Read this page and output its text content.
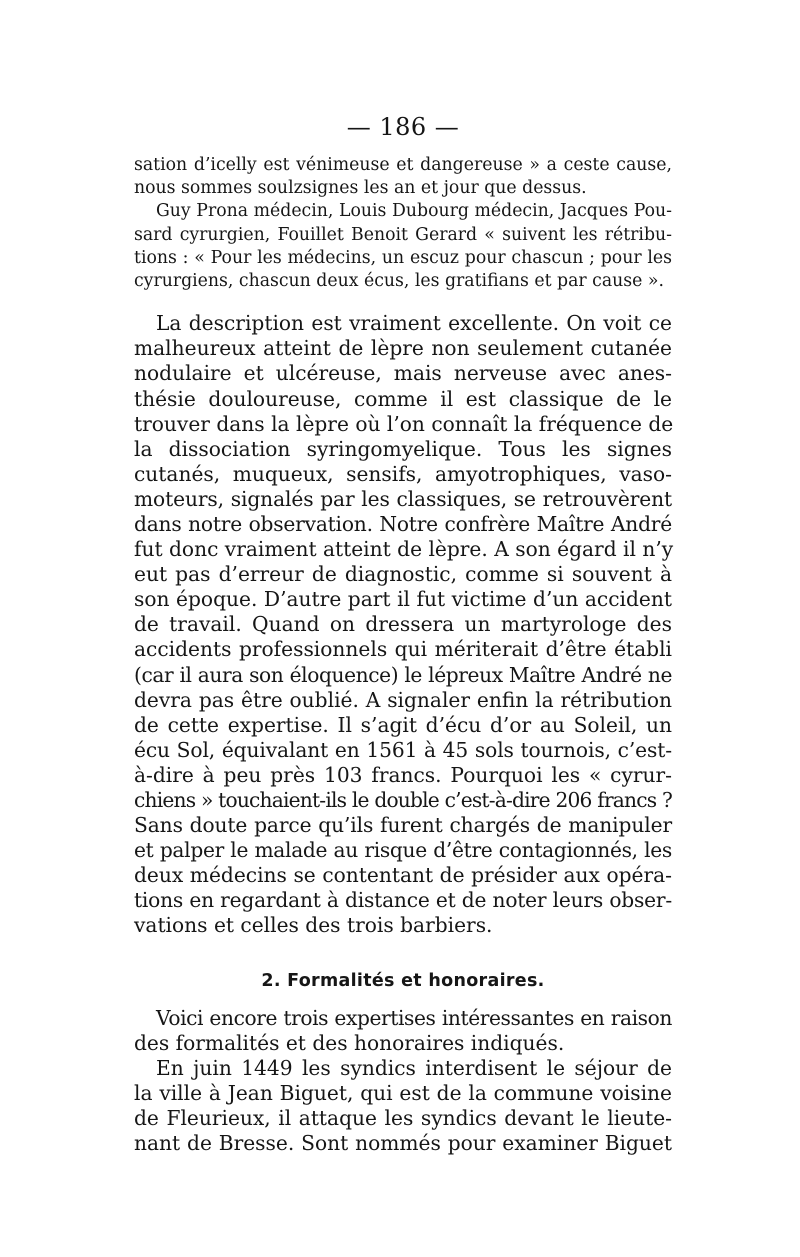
— 186 —

sation d’icelly est vénimeuse et dangereuse » a ceste cause,
nous sommes soulzsignes les an et jour que dessus.

Guy Prona médecin, Louis Dubourg médecin, Jacques Pou-
sard cyrurgien, Fouillet Benoit Gerard « suivent les rétribu-
tions : « Pour les médecins, un escuz pour chascun ; pour les
cyrurgiens, chascun deux écus, les gratifians et par cause ».

La description est vraiment excellente. On voit ce
malheureux atteint de lèpre non seulement cutanée
nodulaire et ulcéreuse, mais nerveuse avec anes-
thésie douloureuse, comme il est classique de le
trouver dans la lèpre où l’on connaît la fréquence de
la dissociation syringomyelique. Tous les signes
cutanés, muqueux, sensifs, amyotrophiques, vaso-
moteurs, signalés par les classiques, se retrouvèrent
dans notre observation. Notre confrère Maître André
fut donc vraiment atteint de lèpre. A son égard il n’y
eut pas d’erreur de diagnostic, comme si souvent à
son époque. D’autre part il fut victime d’un accident
de travail. Quand on dressera un martyrologe des
accidents professionnels qui mériterait d’être établi
(car il aura son éloquence) le lépreux Maître André ne
devra pas être oublié. A signaler enfin la rétribution
de cette expertise. Il s’agit d’écu d’or au Soleil, un
écu Sol, équivalant en 1561 à 45 sols tournois, c’est-
à-dire à peu près 103 francs. Pourquoi les « cyrur-
chiens » touchaient-ils le double c’est-à-dire 206 francs ?
Sans doute parce qu’ils furent chargés de manipuler
et palper le malade au risque d’être contagionnés, les
deux médecins se contentant de présider aux opéra-
tions en regardant à distance et de noter leurs obser-
vations et celles des trois barbiers.

2. Formalités et honoraires.

Voici encore trois expertises intéressantes en raison
des formalités et des honoraires indiqués.

En juin 1449 les syndics interdisent le séjour de
la ville à Jean Biguet, qui est de la commune voisine
de Fleurieux, il attaque les syndics devant le lieute-
nant de Bresse. Sont nommés pour examiner Biguet
